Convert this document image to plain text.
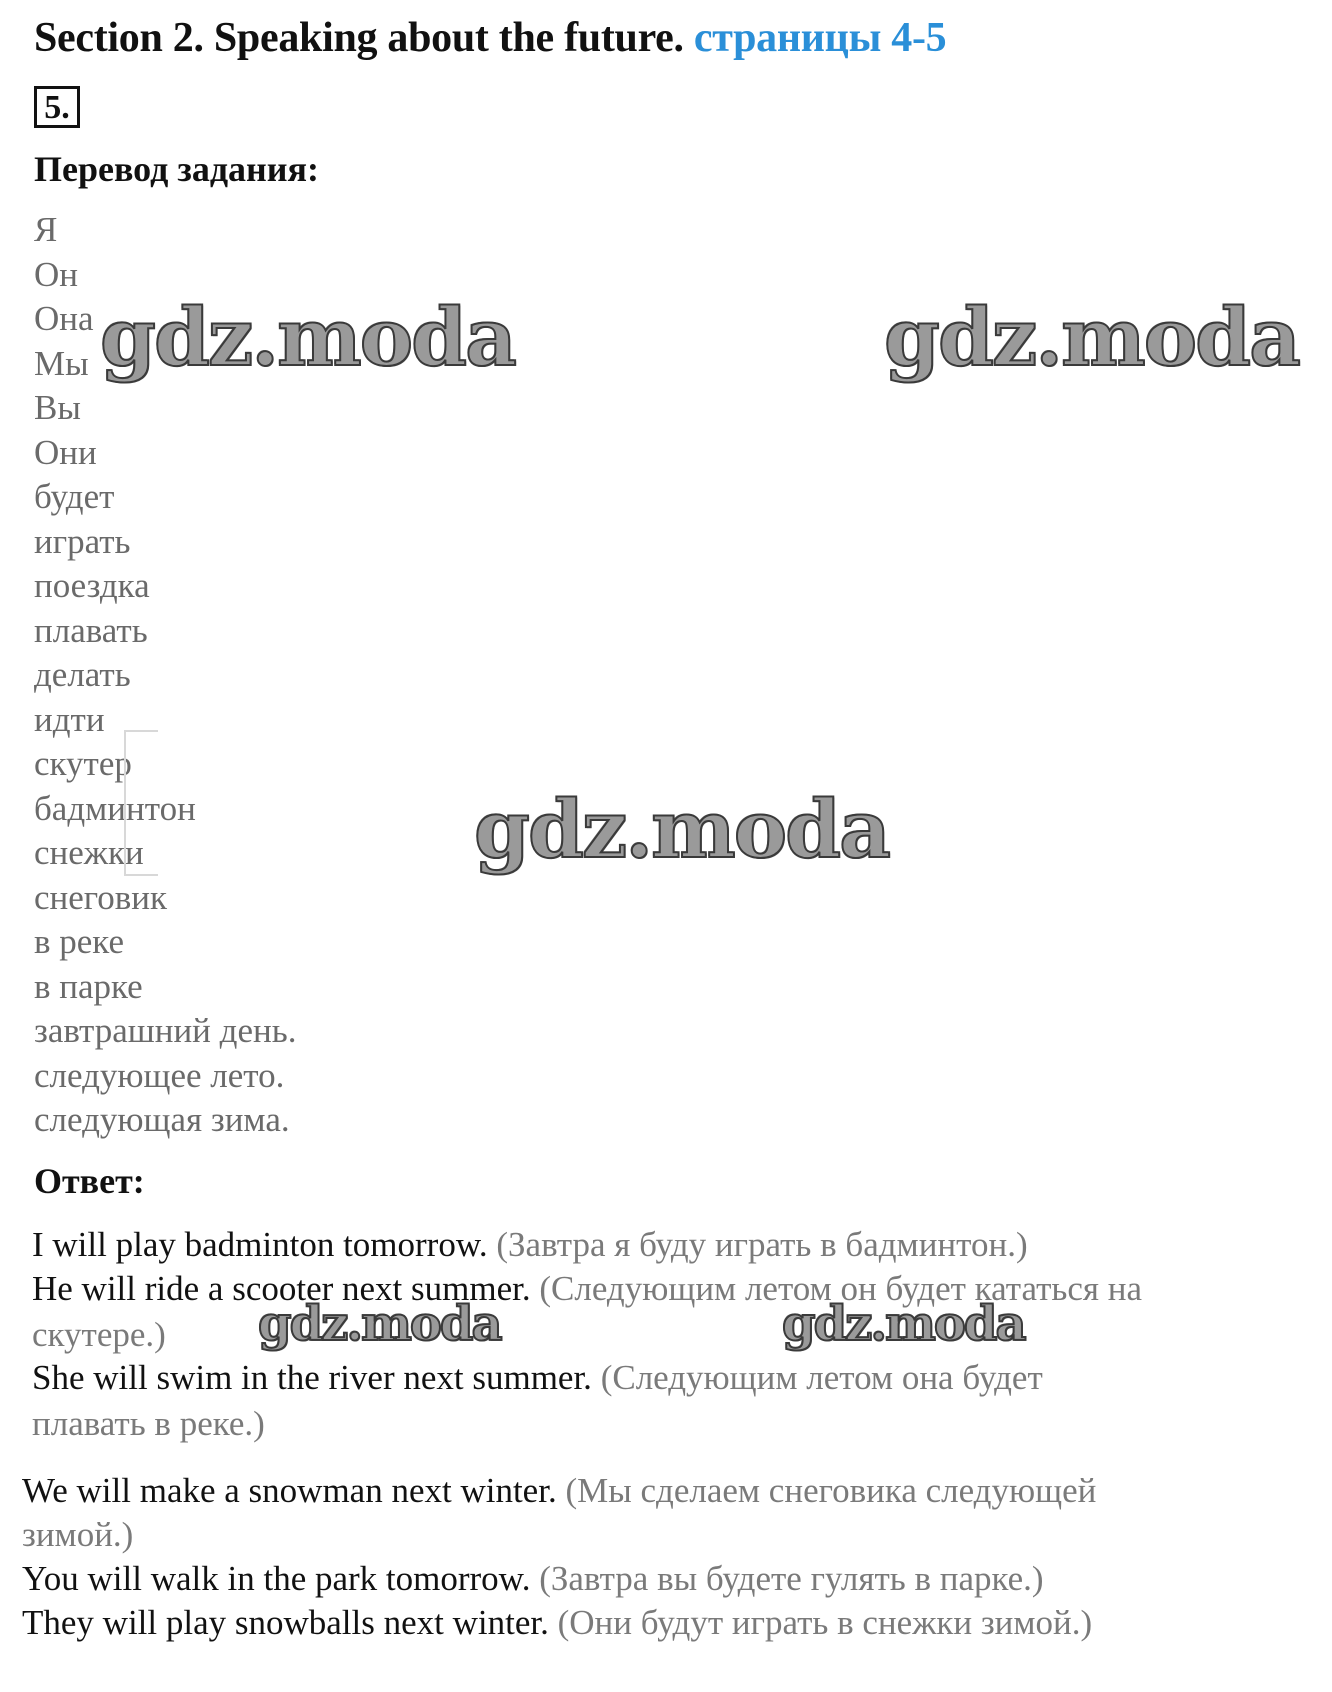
Section 2. Speaking about the future. страницы 4-5
5.
Перевод задания:
Я
Он
Она
Мы
Вы
Они
будет
играть
поездка
плавать
делать
идти
скутер
бадминтон
снежки
снеговик
в реке
в парке
завтрашний день.
следующее лето.
следующая зима.
Ответ:
I will play badminton tomorrow. (Завтра я буду играть в бадминтон.)
He will ride a scooter next summer. (Следующим летом он будет кататься на
скутере.)
She will swim in the river next summer. (Следующим летом она будет
плавать в реке.)
We will make a snowman next winter. (Мы сделаем снеговика следующей
зимой.)
You will walk in the park tomorrow. (Завтра вы будете гулять в парке.)
They will play snowballs next winter. (Они будут играть в снежки зимой.)
gdz.moda	gdz.moda
gdz.moda
gdz.moda	gdz.moda
